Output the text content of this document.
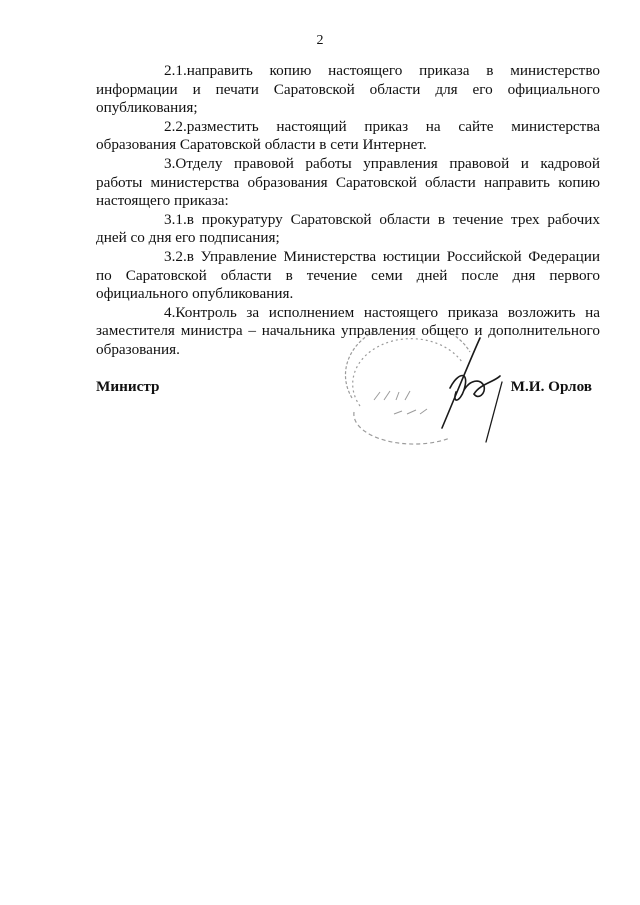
2

2.1.направить копию настоящего приказа в министерство информации и печати Саратовской области для его официального опубликования;

2.2.разместить настоящий приказ на сайте министерства образования Саратовской области в сети Интернет.

3.Отделу правовой работы управления правовой и кадровой работы министерства образования Саратовской области направить копию настоящего приказа:

3.1.в прокуратуру Саратовской области в течение трех рабочих дней со дня его подписания;

3.2.в Управление Министерства юстиции Российской Федерации по Саратовской области в течение семи дней после дня первого официального опубликования.

4.Контроль за исполнением настоящего приказа возложить на заместителя министра – начальника управления общего и дополнительного образования.

Министр	М.И. Орлов
